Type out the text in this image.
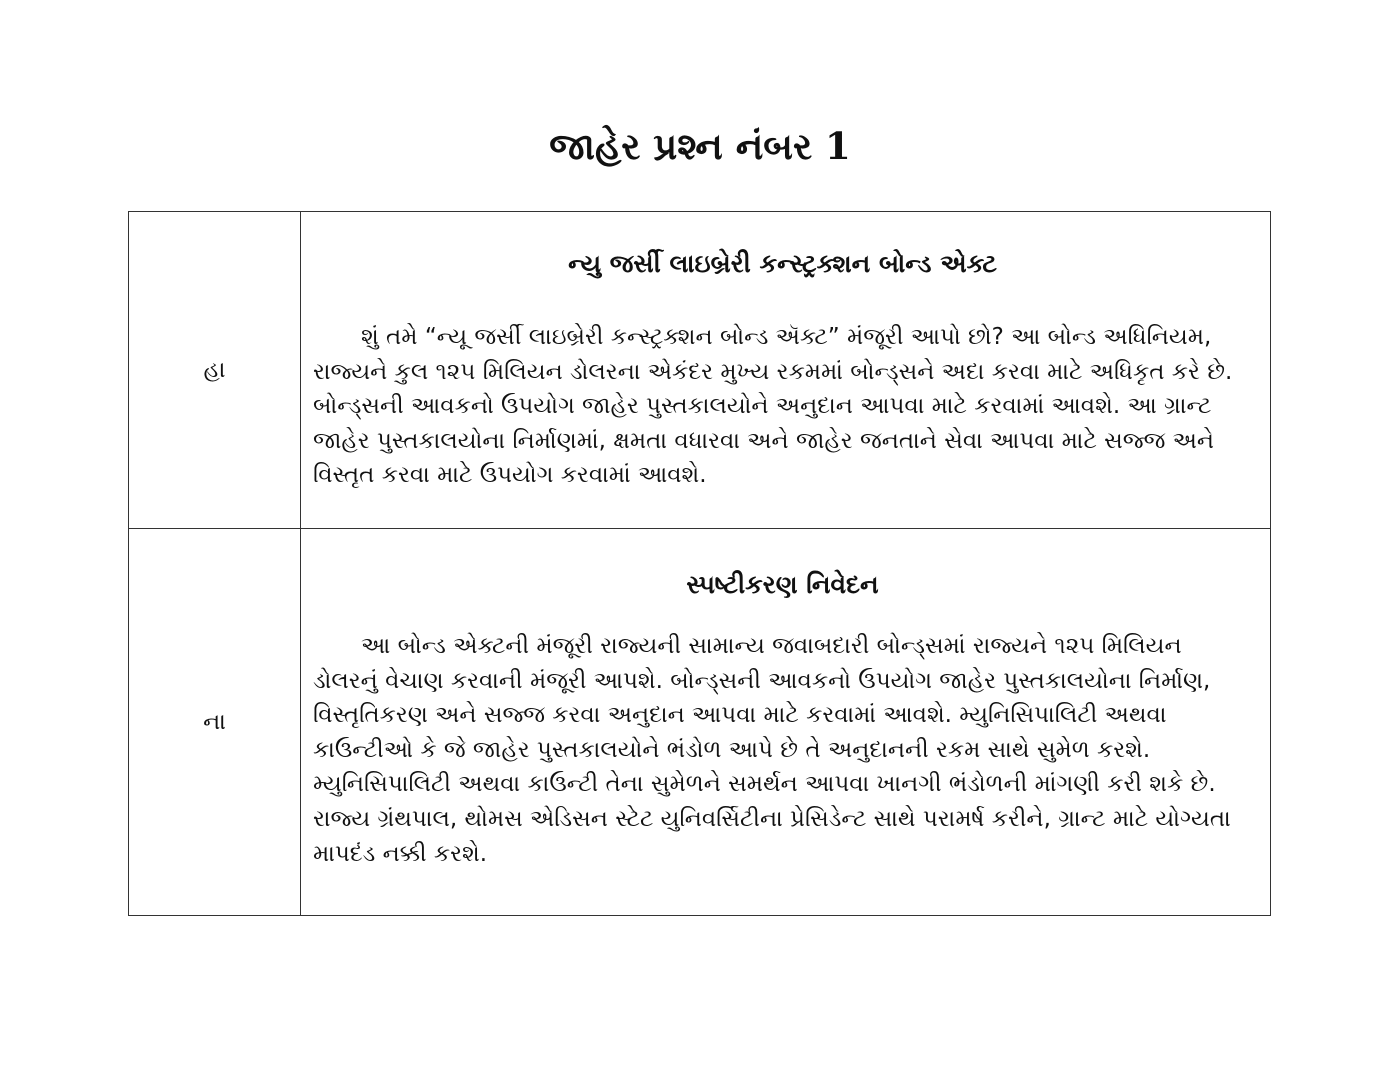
જાહેર પ્રશ્ન નંબર 1
હા
ન્યુ જર્સી લાઇબ્રેરી કન્સ્ટ્રક્શન બોન્ડ એક્ટ

શું તમે “ન્યૂ જર્સી લાઇબ્રેરી કન્સ્ટ્રક્શન બોન્ડ ઍક્ટ” મંજૂરી આપો છો? આ બોન્ડ અધિનિયમ, રાજ્યને કુલ ૧૨૫ મિલિયન ડોલરના એકંદર મુખ્ય રકમમાં બોન્ડ્સને અદા કરવા માટે અધિકૃત કરે છે. બોન્ડ્સની આવકનો ઉપયોગ જાહેર પુસ્તકાલયોને અનુદાન આપવા માટે કરવામાં આવશે. આ ગ્રાન્ટ જાહેર પુસ્તકાલયોના નિર્માણમાં, ક્ષમતા વધારવા અને જાહેર જનતાને સેવા આપવા માટે સજ્જ અને વિસ્તૃત કરવા માટે ઉપયોગ કરવામાં આવશે.

ના
સ્પષ્ટીકરણ નિવેદન

આ બોન્ડ એક્ટની મંજૂરી રાજ્યની સામાન્ય જવાબદારી બોન્ડ્સમાં રાજ્યને ૧૨૫ મિલિયન ડોલરનું વેચાણ કરવાની મંજૂરી આપશે. બોન્ડ્સની આવકનો ઉપયોગ જાહેર પુસ્તકાલયોના નિર્માણ, વિસ્તૃતિકરણ અને સજ્જ કરવા અનુદાન આપવા માટે કરવામાં આવશે. મ્યુનિસિપાલિટી અથવા કાઉન્ટીઓ કે જે જાહેર પુસ્તકાલયોને ભંડોળ આપે છે તે અનુદાનની રકમ સાથે સુમેળ કરશે. મ્યુનિસિપાલિટી અથવા કાઉન્ટી તેના સુમેળને સમર્થન આપવા ખાનગી ભંડોળની માંગણી કરી શકે છે. રાજ્ય ગ્રંથપાલ, થોમસ એડિસન સ્ટેટ યુનિવર્સિટીના પ્રેસિડેન્ટ સાથે પરામર્ષ કરીને, ગ્રાન્ટ માટે યોગ્યતા માપદંડ નક્કી કરશે.
